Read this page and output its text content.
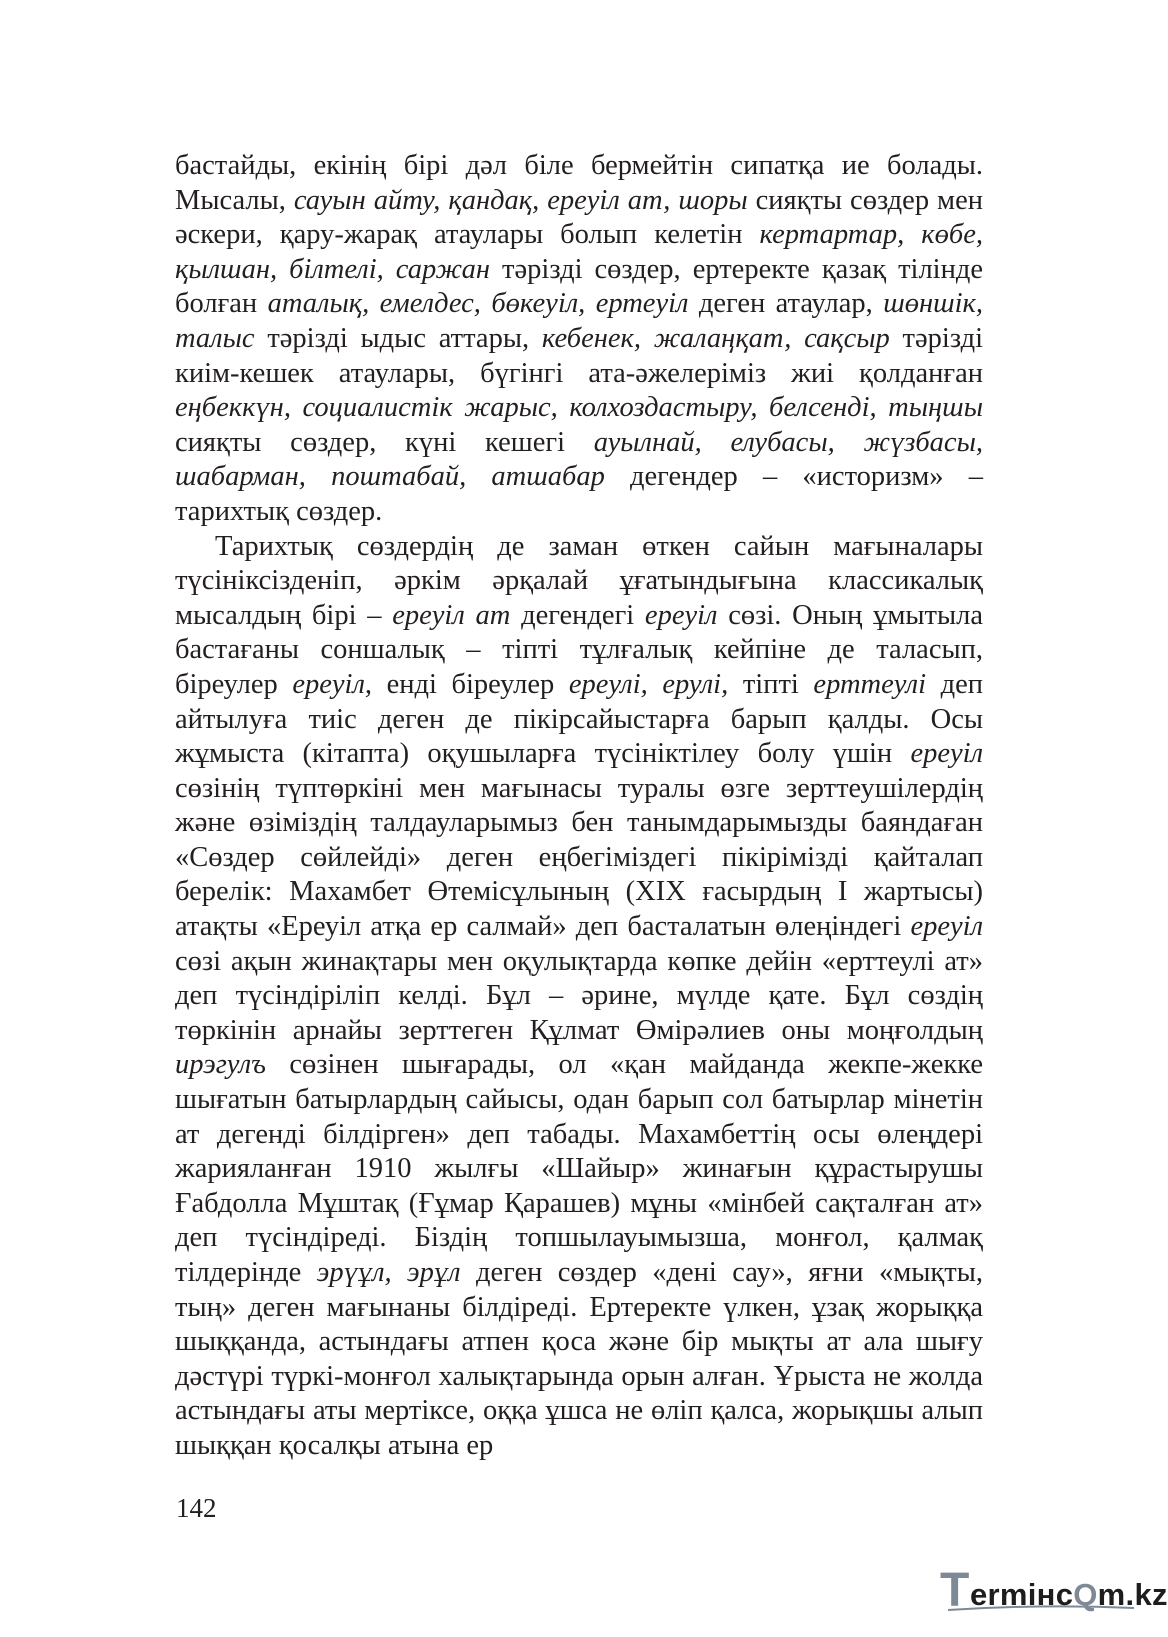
бастайды, екінің бірі дәл біле бермейтін сипатқа ие болады. Мысалы, сауын айту, қандақ, ереуіл ат, шоры сияқты сөздер мен әскери, қару-жарақ атаулары болып келетін кертартар, көбе, қылшан, білтелі, саржан тәрізді сөздер, ертеректе қазақ тілінде болған аталық, емелдес, бөкеуіл, ертеуіл деген атаулар, шөншік, талыс тәрізді ыдыс аттары, кебенек, жалаңқат, сақсыр тәрізді киім-кешек атаулары, бүгінгі ата-әжелеріміз жиі қолданған еңбеккүн, социалистік жарыс, колхоздастыру, белсенді, тыңшы сияқты сөздер, күні кешегі ауылнай, елубасы, жүзбасы, шабарман, поштабай, атшабар дегендер – «историзм» – тарихтық сөздер.

Тарихтық сөздердің де заман өткен сайын мағыналары түсініксізденіп, әркім әрқалай ұғатындығына классикалық мысалдың бірі – ереуіл ат дегендегі ереуіл сөзі. Оның ұмытыла бастағаны соншалық – тіпті тұлғалық кейпіне де таласып, біреулер ереуіл, енді біреулер ереулі, ерулі, тіпті ерттеулі деп айтылуға тиіс деген де пікірсайыстарға барып қалды. Осы жұмыста (кітапта) оқушыларға түсініктілеу болу үшін ереуіл сөзінің түптөркіні мен мағынасы туралы өзге зерттеушілердің және өзіміздің талдауларымыз бен танымдарымызды баяндаған «Сөздер сөйлейді» деген еңбегіміздегі пікірімізді қайталап берелік: Махамбет Өтемісұлының (XIX ғасырдың I жартысы) атақты «Ереуіл атқа ер салмай» деп басталатын өлеңіндегі ереуіл сөзі ақын жинақтары мен оқулықтарда көпке дейін «ерттеулі ат» деп түсіндіріліп келді. Бұл – әрине, мүлде қате. Бұл сөздің төркінін арнайы зерттеген Құлмат Өмірәлиев оны моңғолдың ирэгулъ сөзінен шығарады, ол «қан майданда жекпе-жекке шығатын батырлардың сайысы, одан барып сол батырлар мінетін ат дегенді білдірген» деп табады. Махамбеттің осы өлеңдері жарияланған 1910 жылғы «Шайыр» жинағын құрастырушы Ғабдолла Мұштақ (Ғұмар Қарашев) мұны «мінбей сақталған ат» деп түсіндіреді. Біздің топшылауымызша, монғол, қалмақ тілдерінде эрүұл, эрұл деген сөздер «дені сау», яғни «мықты, тың» деген мағынаны білдіреді. Ертеректе үлкен, ұзақ жорыққа шыққанда, астындағы атпен қоса және бір мықты ат ала шығу дәстүрі түркі-монғол халықтарында орын алған. Ұрыста не жолда астындағы аты мертіксе, оққа ұшса не өліп қалса, жорықшы алып шыққан қосалқы атына ер

142
T ermiнcQm.kz
